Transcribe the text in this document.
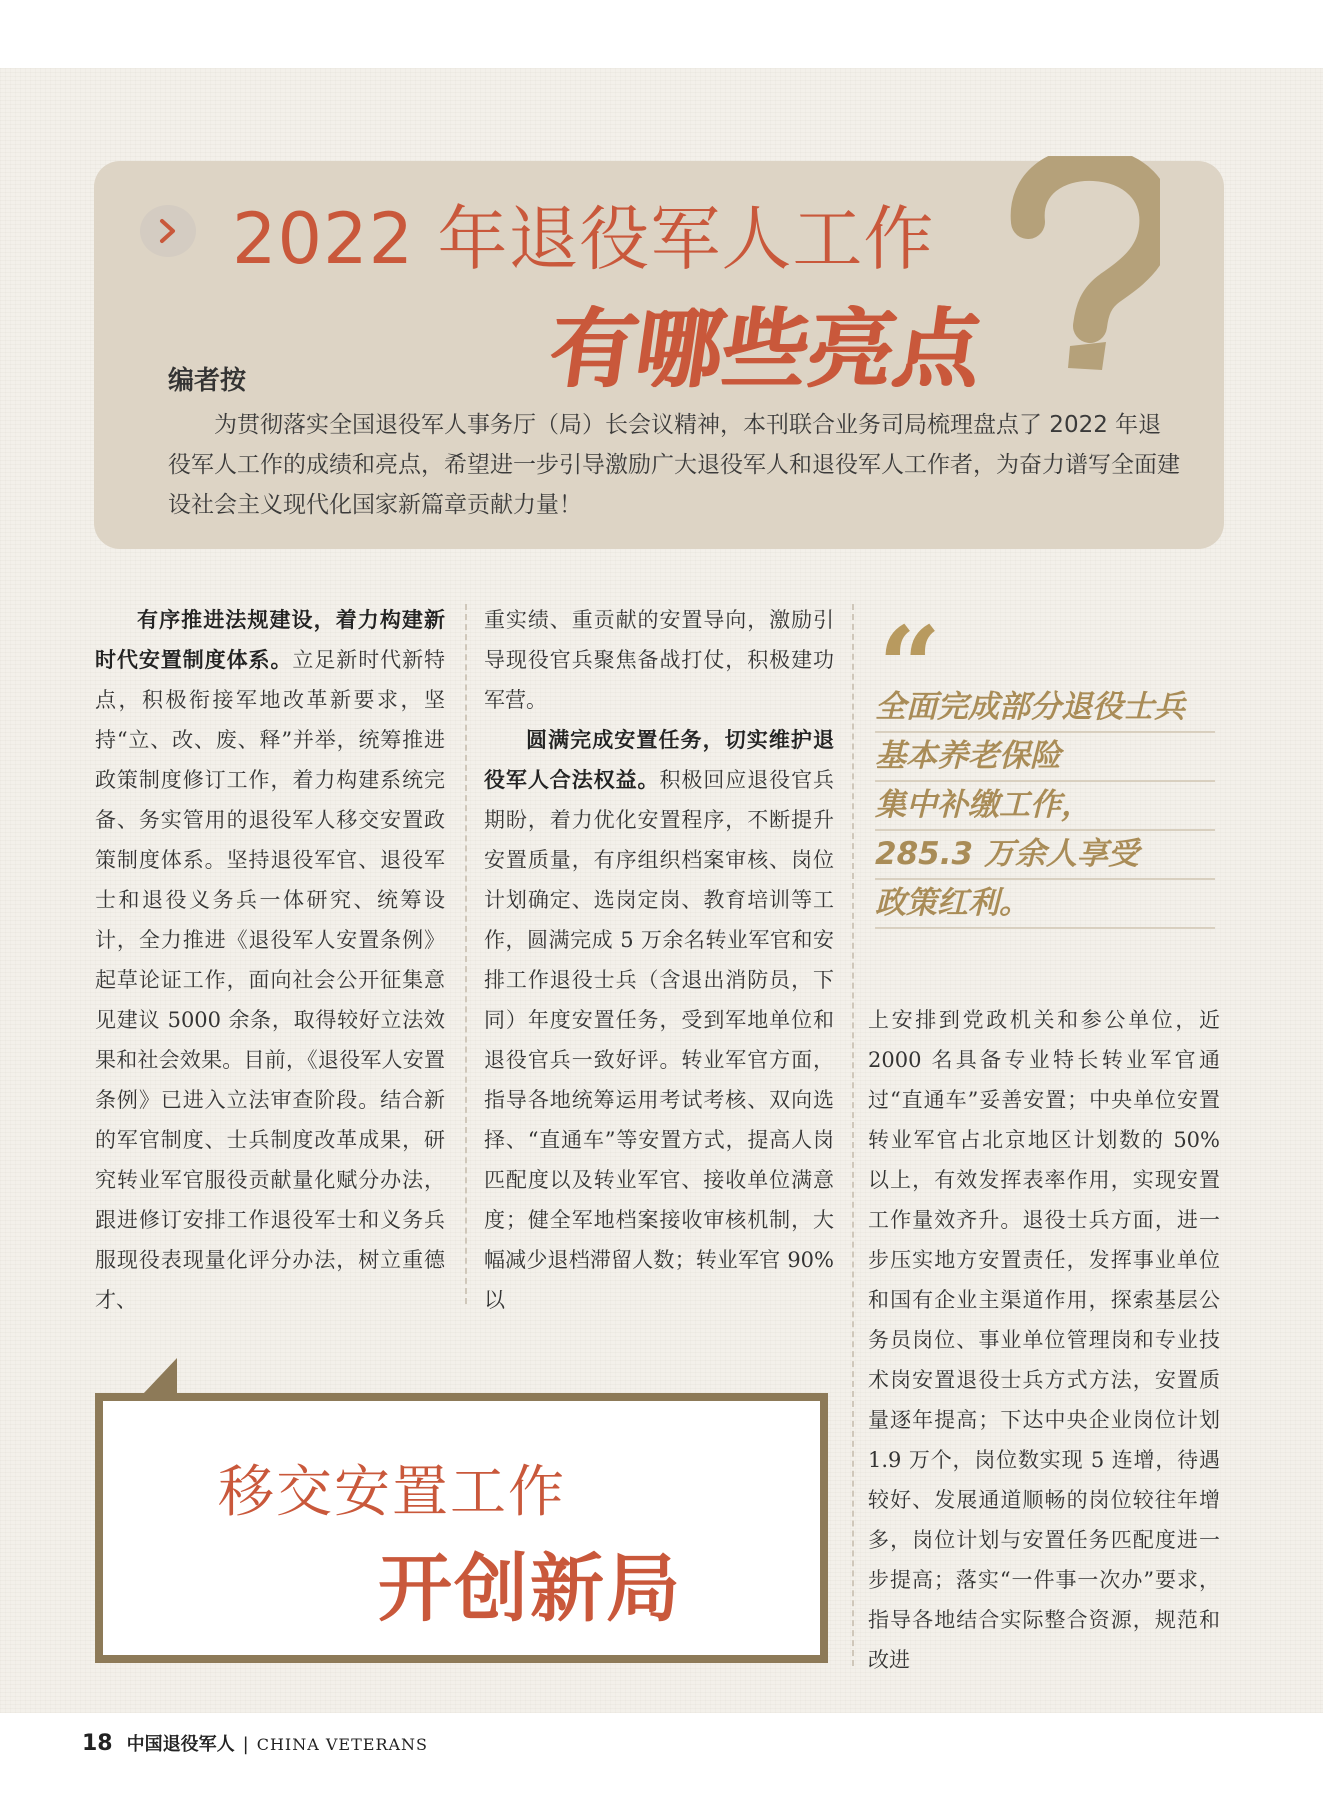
2022 年退役军人工作
有哪些亮点
编者按
为贯彻落实全国退役军人事务厅（局）长会议精神，本刊联合业务司局梳理盘点了 2022 年退役军人工作的成绩和亮点，希望进一步引导激励广大退役军人和退役军人工作者，为奋力谱写全面建设社会主义现代化国家新篇章贡献力量！

有序推进法规建设，着力构建新时代安置制度体系。立足新时代新特点，积极衔接军地改革新要求，坚持“立、改、废、释”并举，统筹推进政策制度修订工作，着力构建系统完备、务实管用的退役军人移交安置政策制度体系。坚持退役军官、退役军士和退役义务兵一体研究、统筹设计，全力推进《退役军人安置条例》起草论证工作，面向社会公开征集意见建议 5000 余条，取得较好立法效果和社会效果。目前，《退役军人安置条例》已进入立法审查阶段。结合新的军官制度、士兵制度改革成果，研究转业军官服役贡献量化赋分办法，跟进修订安排工作退役军士和义务兵服现役表现量化评分办法，树立重德才、

重实绩、重贡献的安置导向，激励引导现役官兵聚焦备战打仗，积极建功军营。

圆满完成安置任务，切实维护退役军人合法权益。积极回应退役官兵期盼，着力优化安置程序，不断提升安置质量，有序组织档案审核、岗位计划确定、选岗定岗、教育培训等工作，圆满完成 5 万余名转业军官和安排工作退役士兵（含退出消防员，下同）年度安置任务，受到军地单位和退役官兵一致好评。转业军官方面，指导各地统筹运用考试考核、双向选择、“直通车”等安置方式，提高人岗匹配度以及转业军官、接收单位满意度；健全军地档案接收审核机制，大幅减少退档滞留人数；转业军官 90% 以

“
全面完成部分退役士兵
基本养老保险
集中补缴工作，
285.3 万余人享受
政策红利。

上安排到党政机关和参公单位，近 2000 名具备专业特长转业军官通过“直通车”妥善安置；中央单位安置转业军官占北京地区计划数的 50% 以上，有效发挥表率作用，实现安置工作量效齐升。退役士兵方面，进一步压实地方安置责任，发挥事业单位和国有企业主渠道作用，探索基层公务员岗位、事业单位管理岗和专业技术岗安置退役士兵方式方法，安置质量逐年提高；下达中央企业岗位计划 1.9 万个，岗位数实现 5 连增，待遇较好、发展通道顺畅的岗位较往年增多，岗位计划与安置任务匹配度进一步提高；落实“一件事一次办”要求，指导各地结合实际整合资源，规范和改进

移交安置工作
开创新局
18 中国退役军人 | CHINA VETERANS
